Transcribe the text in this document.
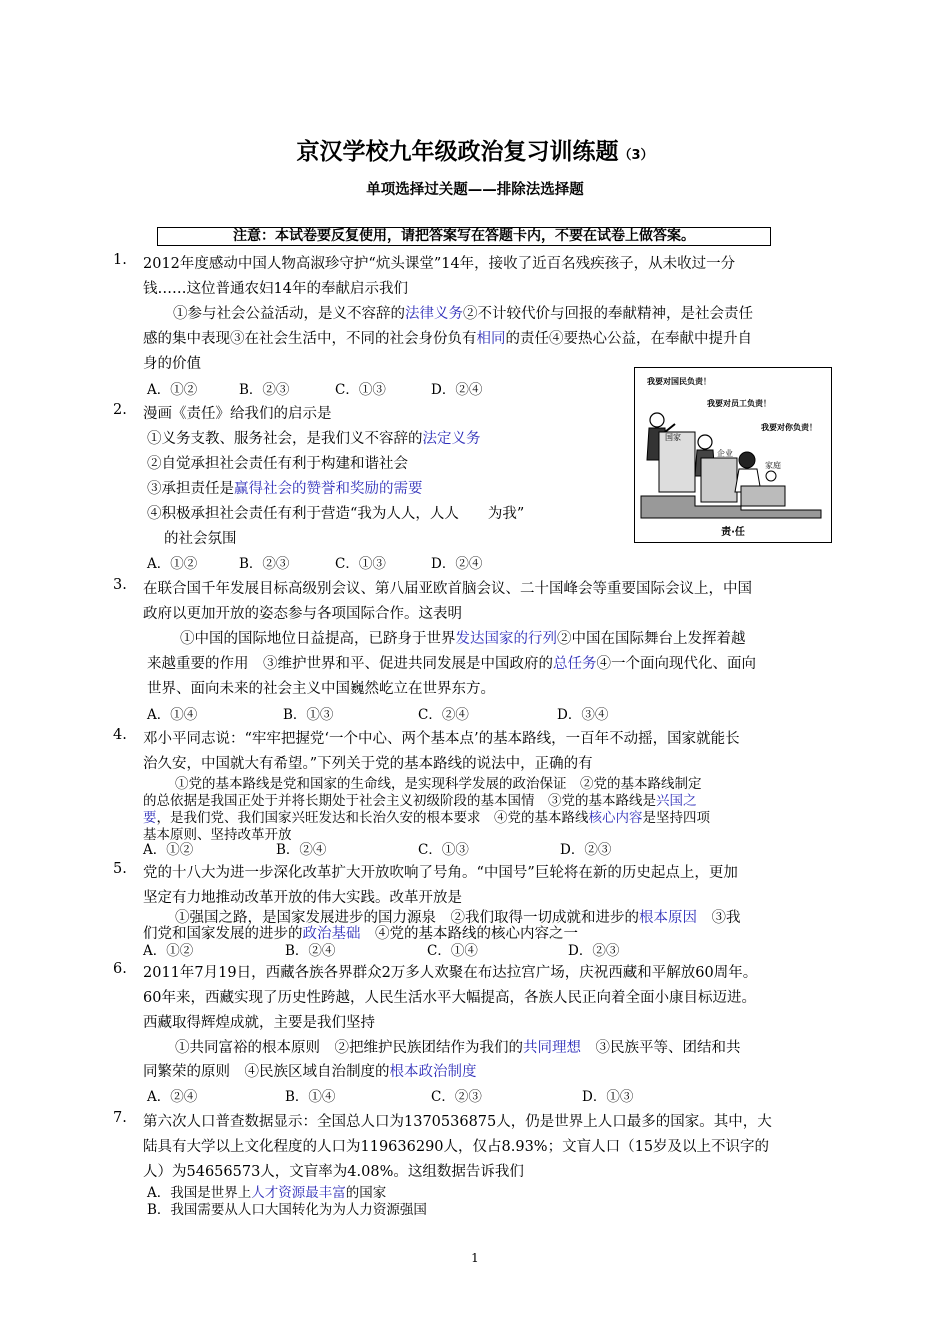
京汉学校九年级政治复习训练题（3）
单项选择过关题——排除法选择题
注意：本试卷要反复使用，请把答案写在答题卡内，不要在试卷上做答案。
1. 2012年度感动中国人物高淑珍守护“炕头课堂”14年，接收了近百名残疾孩子，从未收过一分
钱……这位普通农妇14年的奉献启示我们
①参与社会公益活动，是义不容辞的法律义务②不计较代价与回报的奉献精神，是社会责任
感的集中表现③在社会生活中，不同的社会身份负有相同的责任④要热心公益，在奉献中提升自
身的价值
A．①②	B．②③	C．①③	D．②④
2. 漫画《责任》给我们的启示是
①义务支教、服务社会，是我们义不容辞的法定义务
②自觉承担社会责任有利于构建和谐社会
③承担责任是赢得社会的赞誉和奖励的需要
④积极承担社会责任有利于营造“我为人人，人人　　为我”
的社会氛围
A．①②	B．②③	C．①③	D．②④
我要对国民负责！
我要对员工负责！
我要对你负责！
国家
企业
家庭
责·任
3. 在联合国千年发展目标高级别会议、第八届亚欧首脑会议、二十国峰会等重要国际会议上，中国
政府以更加开放的姿态参与各项国际合作。这表明
①中国的国际地位日益提高，已跻身于世界发达国家的行列②中国在国际舞台上发挥着越
来越重要的作用　③维护世界和平、促进共同发展是中国政府的总任务④一个面向现代化、面向
世界、面向未来的社会主义中国巍然屹立在世界东方。
A．①④	B．①③	C．②④	D．③④
4. 邓小平同志说：“牢牢把握党‘一个中心、两个基本点’的基本路线，一百年不动摇，国家就能长
治久安，中国就大有希望。”下列关于党的基本路线的说法中，正确的有
①党的基本路线是党和国家的生命线，是实现科学发展的政治保证　②党的基本路线制定
的总依据是我国正处于并将长期处于社会主义初级阶段的基本国情　③党的基本路线是兴国之
要，是我们党、我们国家兴旺发达和长治久安的根本要求　④党的基本路线核心内容是坚持四项
基本原则、坚持改革开放
A．①②	B．②④	C．①③	D．②③
5. 党的十八大为进一步深化改革扩大开放吹响了号角。“中国号”巨轮将在新的历史起点上，更加
坚定有力地推动改革开放的伟大实践。改革开放是
①强国之路，是国家发展进步的国力源泉　②我们取得一切成就和进步的根本原因　③我
们党和国家发展的进步的政治基础　④党的基本路线的核心内容之一
A．①②	B．②④	C．①④	D．②③
6. 2011年7月19日，西藏各族各界群众2万多人欢聚在布达拉宫广场，庆祝西藏和平解放60周年。
60年来，西藏实现了历史性跨越，人民生活水平大幅提高，各族人民正向着全面小康目标迈进。
西藏取得辉煌成就，主要是我们坚持
①共同富裕的根本原则　②把维护民族团结作为我们的共同理想　③民族平等、团结和共
同繁荣的原则　④民族区域自治制度的根本政治制度
A．②④	B．①④	C．②③	D．①③
7. 第六次人口普查数据显示：全国总人口为1370536875人，仍是世界上人口最多的国家。其中，大
陆具有大学以上文化程度的人口为119636290人，仅占8.93%；文盲人口（15岁及以上不识字的
人）为54656573人，文盲率为4.08%。这组数据告诉我们
A．我国是世界上人才资源最丰富的国家
B．我国需要从人口大国转化为为人力资源强国
1
